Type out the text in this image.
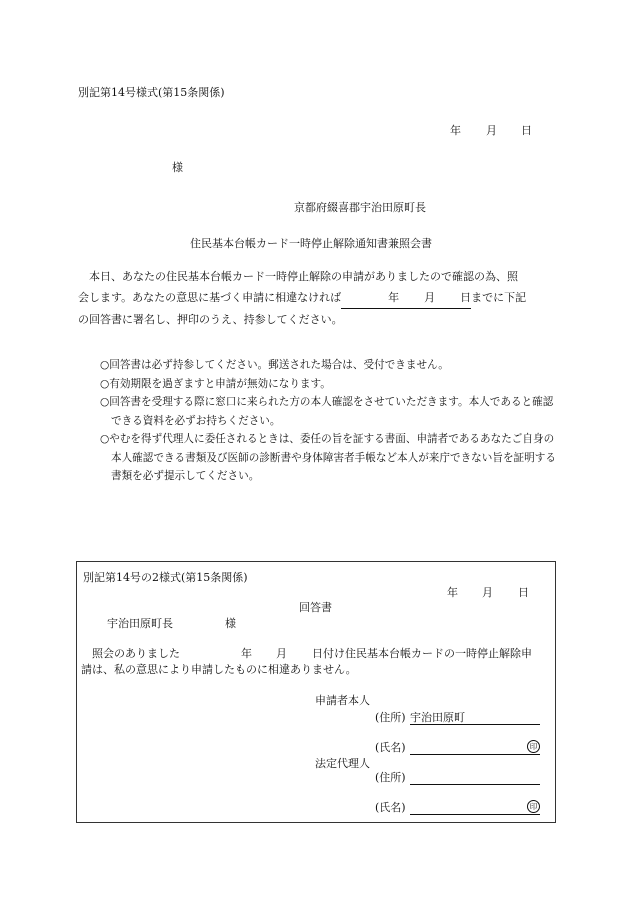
別記第14号様式(第15条関係)
年 月 日
様
京都府綴喜郡宇治田原町長
住民基本台帳カード一時停止解除通知書兼照会書
本日、あなたの住民基本台帳カード一時停止解除の申請がありましたので確認の為、照
会します。あなたの意思に基づく申請に相違なければ	年 月 日 までに下記
の回答書に署名し、押印のうえ、持参してください。

○回答書は必ず持参してください。郵送された場合は、受付できません。

○有効期限を過ぎますと申請が無効になります。

○回答書を受理する際に窓口に来られた方の本人確認をさせていただきます。本人であると確認できる資料を必ずお持ちください。

○やむを得ず代理人に委任されるときは、委任の旨を証する書面、申請者であるあなたご自身の本人確認できる書類及び医師の診断書や身体障害者手帳など本人が来庁できない旨を証明する書類を必ず提示してください。

別記第14号の2様式(第15条関係)
年 月 日
回答書
宇治田原町長	様
照会のありました	年 月 日付け住民基本台帳カードの一時停止解除申
請は、私の意思により申請したものに相違ありません。
申請者本人
(住所) 宇治田原町
(氏名)	印
法定代理人
(住所)
(氏名)	印
